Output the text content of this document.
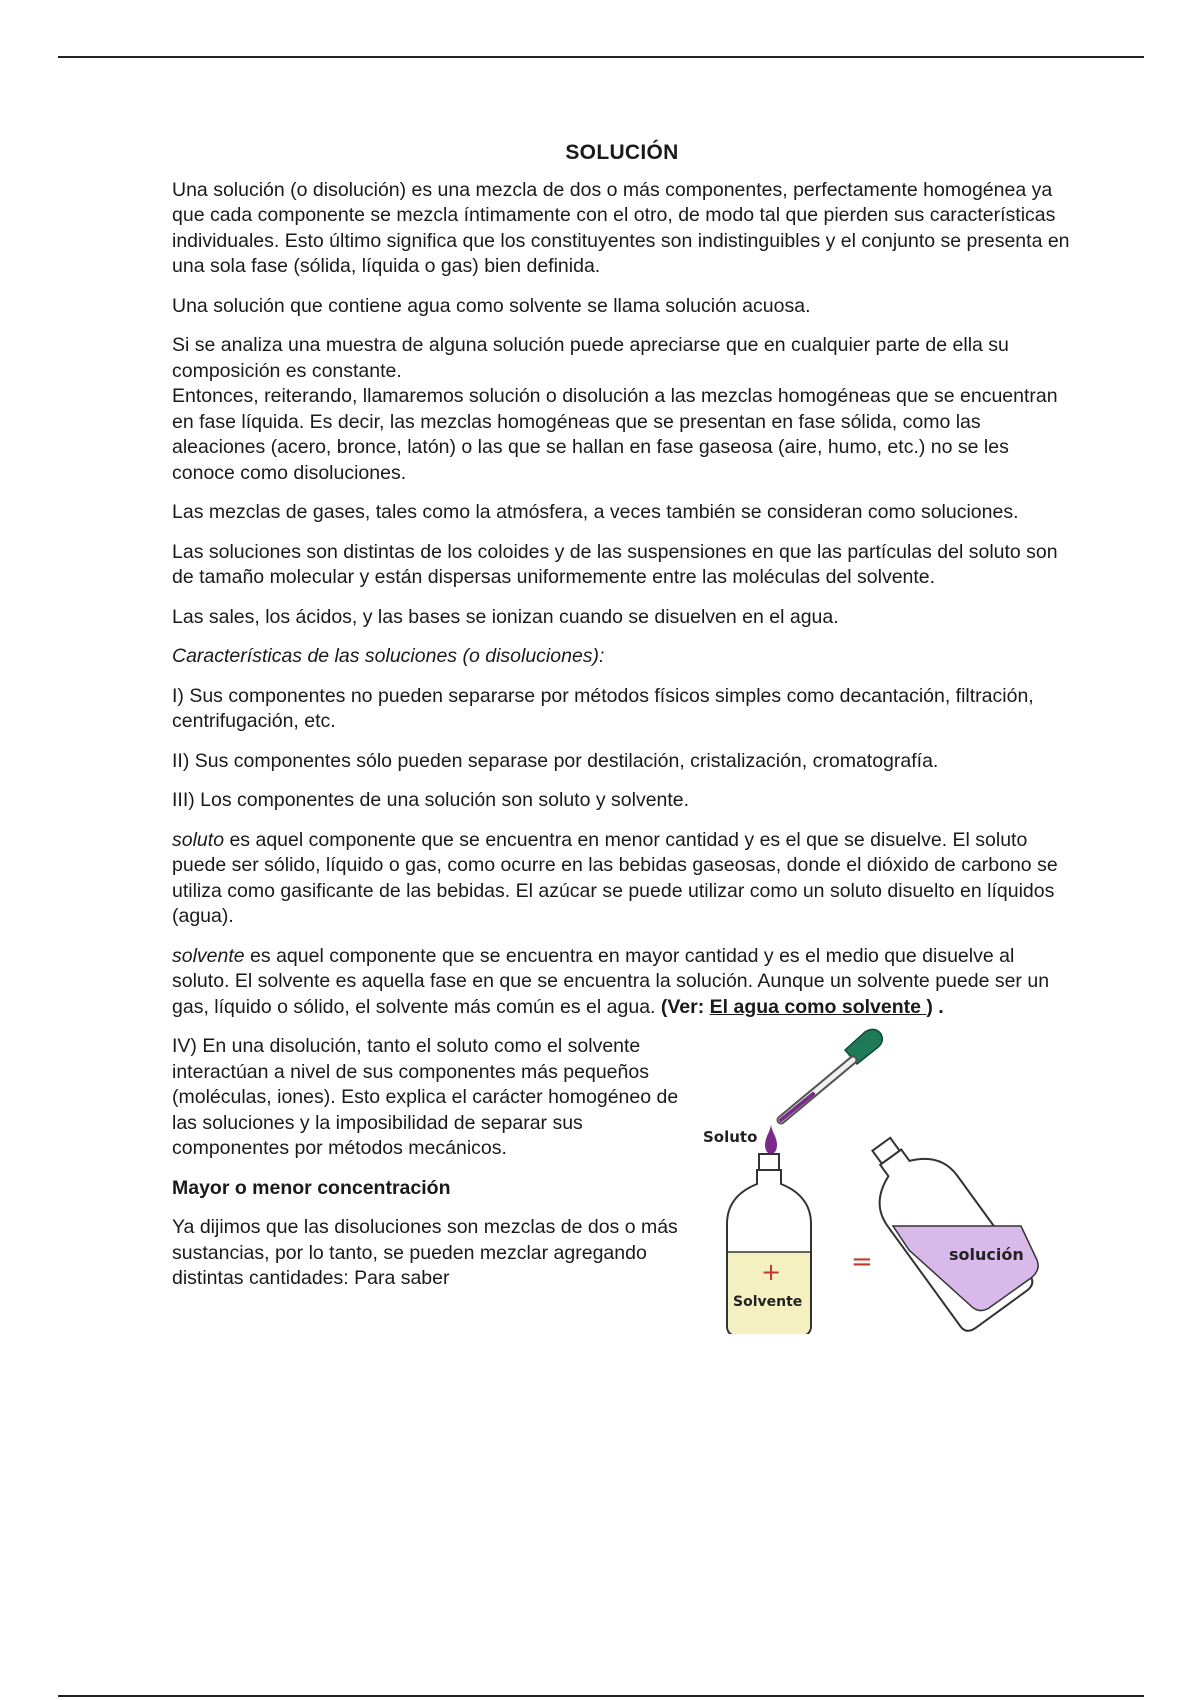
SOLUCIÓN

Una solución (o disolución) es una mezcla de dos o más componentes, perfectamente homogénea ya que cada componente se mezcla íntimamente con el otro, de modo tal que pierden sus características individuales. Esto último significa que los constituyentes son indistinguibles y el conjunto se presenta en una sola fase (sólida, líquida o gas) bien definida.

Una solución que contiene agua como solvente se llama solución acuosa.

Si se analiza una muestra de alguna solución puede apreciarse que en cualquier parte de ella su composición es constante.

Entonces, reiterando, llamaremos solución o disolución a las mezclas homogéneas que se encuentran en fase líquida. Es decir, las mezclas homogéneas que se presentan en fase sólida, como las aleaciones (acero, bronce, latón) o las que se hallan en fase gaseosa (aire, humo, etc.) no se les conoce como disoluciones.

Las mezclas de gases, tales como la atmósfera, a veces también se consideran como soluciones.

Las soluciones son distintas de los coloides y de las suspensiones en que las partículas del soluto son de tamaño molecular y están dispersas uniformemente entre las moléculas del solvente.

Las sales, los ácidos, y las bases se ionizan cuando se disuelven en el agua.

Características de las soluciones (o disoluciones):

I) Sus componentes no pueden separarse por métodos físicos simples como decantación, filtración, centrifugación, etc.

II) Sus componentes sólo pueden separase por destilación, cristalización, cromatografía.

III) Los componentes de una solución son soluto y solvente.

soluto es aquel componente que se encuentra en menor cantidad y es el que se disuelve. El soluto puede ser sólido, líquido o gas, como ocurre en las bebidas gaseosas, donde el dióxido de carbono se utiliza como gasificante de las bebidas. El azúcar se puede utilizar como un soluto disuelto en líquidos (agua).

solvente es aquel componente que se encuentra en mayor cantidad y es el medio que disuelve al soluto. El solvente es aquella fase en que se encuentra la solución. Aunque un solvente puede ser un gas, líquido o sólido, el solvente más común es el agua. (Ver: El agua como solvente ) .

IV) En una disolución, tanto el soluto como el solvente interactúan a nivel de sus componentes más pequeños (moléculas, iones). Esto explica el carácter homogéneo de las soluciones y la imposibilidad de separar sus componentes por métodos mecánicos.

Mayor o menor concentración

Ya dijimos que las disoluciones son mezclas de dos o más sustancias, por lo tanto, se pueden mezclar agregando distintas cantidades: Para saber

Soluto
+
Solvente
=	solución
